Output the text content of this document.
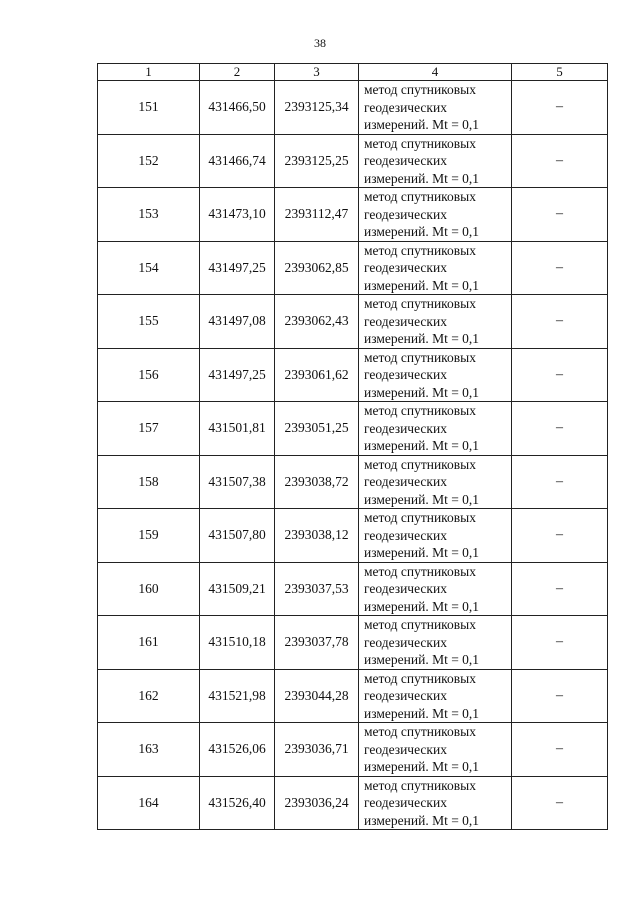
38
1	2	3	4	5
151	431466,50	2393125,34	метод спутниковых
геодезических
измерений. Mt = 0,1	–
152	431466,74	2393125,25	метод спутниковых
геодезических
измерений. Mt = 0,1	–
153	431473,10	2393112,47	метод спутниковых
геодезических
измерений. Mt = 0,1	–
154	431497,25	2393062,85	метод спутниковых
геодезических
измерений. Mt = 0,1	–
155	431497,08	2393062,43	метод спутниковых
геодезических
измерений. Mt = 0,1	–
156	431497,25	2393061,62	метод спутниковых
геодезических
измерений. Mt = 0,1	–
157	431501,81	2393051,25	метод спутниковых
геодезических
измерений. Mt = 0,1	–
158	431507,38	2393038,72	метод спутниковых
геодезических
измерений. Mt = 0,1	–
159	431507,80	2393038,12	метод спутниковых
геодезических
измерений. Mt = 0,1	–
160	431509,21	2393037,53	метод спутниковых
геодезических
измерений. Mt = 0,1	–
161	431510,18	2393037,78	метод спутниковых
геодезических
измерений. Mt = 0,1	–
162	431521,98	2393044,28	метод спутниковых
геодезических
измерений. Mt = 0,1	–
163	431526,06	2393036,71	метод спутниковых
геодезических
измерений. Mt = 0,1	–
164	431526,40	2393036,24	метод спутниковых
геодезических
измерений. Mt = 0,1	–
